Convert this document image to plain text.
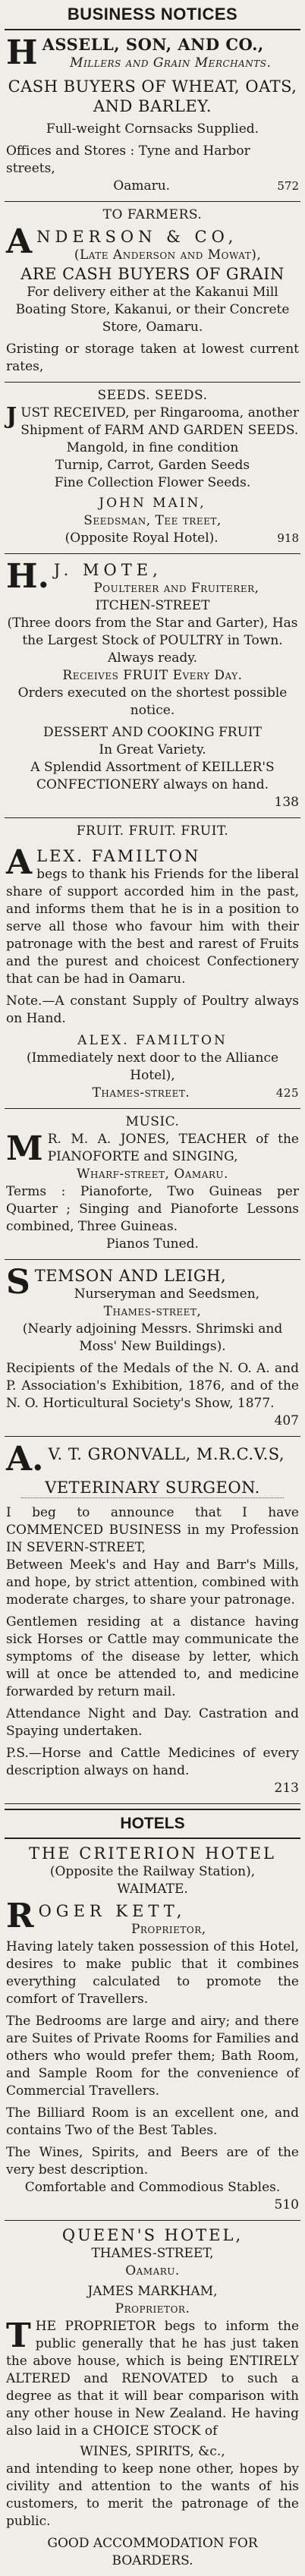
BUSINESS NOTICES
H ASSELL, SON, AND CO.,
Millers and Grain Merchants.
CASH BUYERS OF WHEAT, OATS,
AND BARLEY.
Full-weight Cornsacks Supplied.
Offices and Stores : Tyne and Harbor streets,
Oamaru.	572
TO FARMERS.
A NDERSON & CO,
(Late Anderson and Mowat),
ARE CASH BUYERS OF GRAIN
For delivery either at the Kakanui Mill Boating Store, Kakanui, or their Concrete Store, Oamaru.
Gristing or storage taken at lowest current rates,
SEEDS. SEEDS.
J UST RECEIVED, per Ringarooma, another Shipment of FARM AND GARDEN SEEDS.
Mangold, in fine condition
Turnip, Carrot, Garden Seeds
Fine Collection Flower Seeds.
JOHN MAIN,
Seedsman, Tee treet,
(Opposite Royal Hotel).	918
H. J. MOTE,
Poulterer and Fruiterer,
ITCHEN-STREET
(Three doors from the Star and Garter), Has the Largest Stock of POULTRY in Town. Always ready.
Receives FRUIT Every Day.
Orders executed on the shortest possible notice.
DESSERT AND COOKING FRUIT
In Great Variety.
A Splendid Assortment of KEILLER'S CONFECTIONERY always on hand.
138
FRUIT. FRUIT. FRUIT.
A LEX. FAMILTON
begs to thank his Friends for the liberal share of support accorded him in the past, and informs them that he is in a position to serve all those who favour him with their patronage with the best and rarest of Fruits and the purest and choicest Confectionery that can be had in Oamaru.
Note.—A constant Supply of Poultry always on Hand.
ALEX. FAMILTON
(Immediately next door to the Alliance Hotel),
Thames-street.	425
MUSIC.
M R. M. A. JONES, TEACHER of the PIANOFORTE and SINGING,
Wharf-street, Oamaru.
Terms : Pianoforte, Two Guineas per Quarter ; Singing and Pianoforte Lessons combined, Three Guineas.
Pianos Tuned.
S TEMSON AND LEIGH,
Nurseryman and Seedsmen,
Thames-street,
(Nearly adjoining Messrs. Shrimski and Moss' New Buildings).
Recipients of the Medals of the N. O. A. and P. Association's Exhibition, 1876, and of the N. O. Horticultural Society's Show, 1877.
407
A. V. T. GRONVALL, M.R.C.V.S,
VETERINARY SURGEON.
I beg to announce that I have COMMENCED BUSINESS in my Profession IN SEVERN-STREET,
Between Meek's and Hay and Barr's Mills, and hope, by strict attention, combined with moderate charges, to share your patronage.
Gentlemen residing at a distance having sick Horses or Cattle may communicate the symptoms of the disease by letter, which will at once be attended to, and medicine forwarded by return mail.
Attendance Night and Day. Castration and Spaying undertaken.
P.S.—Horse and Cattle Medicines of every description always on hand.
213
HOTELS
THE CRITERION HOTEL
(Opposite the Railway Station),
WAIMATE.
R OGER KETT,
Proprietor,
Having lately taken possession of this Hotel, desires to make public that it combines everything calculated to promote the comfort of Travellers.
The Bedrooms are large and airy; and there are Suites of Private Rooms for Families and others who would prefer them; Bath Room, and Sample Room for the convenience of Commercial Travellers.
The Billiard Room is an excellent one, and contains Two of the Best Tables.
The Wines, Spirits, and Beers are of the very best description.
Comfortable and Commodious Stables.
510
QUEEN'S HOTEL,
THAMES-STREET,
Oamaru.
JAMES MARKHAM,
Proprietor.
T HE PROPRIETOR begs to inform the public generally that he has just taken the above house, which is being ENTIRELY ALTERED and RENOVATED to such a degree as that it will bear comparison with any other house in New Zealand. He having also laid in a CHOICE STOCK of
WINES, SPIRITS, &c.,
and intending to keep none other, hopes by civility and attention to the wants of his customers, to merit the patronage of the public.
GOOD ACCOMMODATION FOR BOARDERS.
